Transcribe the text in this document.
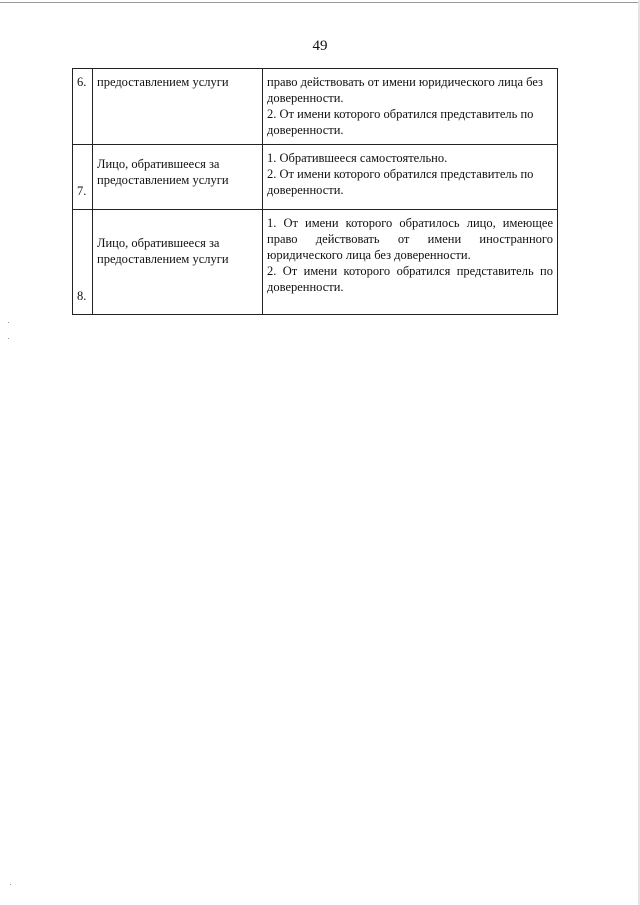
49
6.	предоставлением услуги	право действовать от имени юридического лица без
доверенности.
2. От имени которого обратился представитель по
доверенности.

7.	Лицо, обратившееся за
предоставлением услуги	1. Обратившееся самостоятельно.
2. От имени которого обратился представитель по
доверенности.

8.	Лицо, обратившееся за
предоставлением услуги	1. От имени которого обратилось лицо, имеющее право действовать от имени иностранного юридического лица без доверенности.
2. От имени которого обратился представитель по доверенности.
